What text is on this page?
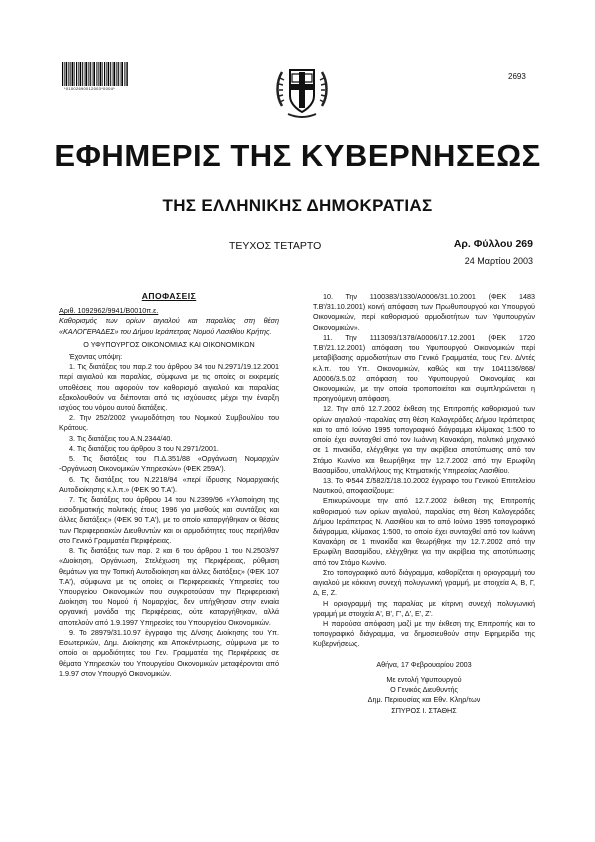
*01002690012003*0004*
2693
ΕΦΗΜΕΡΙΣ ΤΗΣ ΚΥΒΕΡΝΗΣΕΩΣ
ΤΗΣ ΕΛΛΗΝΙΚΗΣ ΔΗΜΟΚΡΑΤΙΑΣ
ΤΕΥΧΟΣ ΤΕΤΑΡΤΟ	Αρ. Φύλλου 269
24 Μαρτίου 2003
ΑΠΟΦΑΣΕΙΣ

Αριθ. 1092962/9941/Β0010π.ε.

Καθορισμός των ορίων αιγιαλού και παραλίας στη θέση «ΚΑΛΟΓΕΡΑΔΕΣ» του Δήμου Ιεράπετρας Νομού Λασιθίου Κρήτης.

Ο ΥΦΥΠΟΥΡΓΟΣ ΟΙΚΟΝΟΜΙΑΣ ΚΑΙ ΟΙΚΟΝΟΜΙΚΩΝ

Έχοντας υπόψη:

1. Τις διατάξεις του παρ.2 του άρθρου 34 του Ν.2971/19.12.2001 περί αιγιαλού και παραλίας, σύμφωνα με τις οποίες οι εκκρεμείς υποθέσεις που αφορούν τον καθορισμό αιγιαλού και παραλίας εξακολουθούν να διέπονται από τις ισχύουσες μέχρι την έναρξη ισχύος του νόμου αυτού διατάξεις.

2. Την 252/2002 γνωμοδότηση του Νομικού Συμβουλίου του Κράτους.

3. Τις διατάξεις του Α.Ν.2344/40.

4. Τις διατάξεις του άρθρου 3 του Ν.2971/2001.

5. Τις διατάξεις του Π.Δ.351/88 «Οργάνωση Νομαρχών -Οργάνωση Οικονομικών Υπηρεσιών» (ΦΕΚ 259Α').

6. Τις διατάξεις του Ν.2218/94 «περί ίδρυσης Νομαρχιακής Αυτοδιοίκησης κ.λ.π.» (ΦΕΚ 90 Τ.Α').

7. Τις διατάξεις του άρθρου 14 του Ν.2399/96 «Υλοποίηση της εισοδηματικής πολιτικής έτους 1996 για μισθούς και συντάξεις και άλλες διατάξεις» (ΦΕΚ 90 Τ.Α'), με το οποίο καταργήθηκαν οι θέσεις των Περιφερειακών Διευθυντών και οι αρμοδιότητες τους περιήλθαν στο Γενικό Γραμματέα Περιφέρειας.

8. Τις διατάξεις των παρ. 2 και 6 του άρθρου 1 του Ν.2503/97 «Διοίκηση, Οργάνωση, Στελέχωση της Περιφέρειας, ρύθμιση θεμάτων για την Τοπική Αυτοδιοίκηση και άλλες διατάξεις» (ΦΕΚ 107 Τ.Α'), σύμφωνα με τις οποίες οι Περιφερειακές Υπηρεσίες του Υπουργείου Οικονομικών που συγκροτούσαν την Περιφερειακή Διοίκηση του Νομού ή Νομαρχίας, δεν υπήχθησαν στην ενιαία οργανική μονάδα της Περιφέρειας, ούτε καταργήθηκαν, αλλά αποτελούν από 1.9.1997 Υπηρεσίες του Υπουργείου Οικονομικών.

9. Το 28979/31.10.97 έγγραφο της Δ/νσης Διοίκησης του Υπ. Εσωτερικών, Δημ. Διοίκησης και Αποκέντρωσης, σύμφωνα με το οποίο οι αρμοδιότητες του Γεν. Γραμματέα της Περιφέρειας σε θέματα Υπηρεσιών του Υπουργείου Οικονομικών μεταφέρονται από 1.9.97 στον Υπουργό Οικονομικών.

10. Την 1100383/1330/Α0006/31.10.2001 (ΦΕΚ 1483 Τ.Β'/31.10.2001) κοινή απόφαση των Πρωθυπουργού και Υπουργού Οικονομικών, περί καθορισμού αρμοδιοτήτων των Υφυπουργών Οικονομικών».

11. Την 1113093/1378/Α0006/17.12.2001 (ΦΕΚ 1720 Τ.Β'/21.12.2001) απόφαση του Υφυπουργού Οικονομικών περί μεταβίβασης αρμοδιοτήτων στο Γενικό Γραμματέα, τους Γεν. Δ/ντές κ.λ.π. του Υπ. Οικονομικών, καθώς και την 1041136/868/Α0006/3.5.02 απόφαση του Υφυπουργού Οικονομίας και Οικονομικών, με την οποία τροποποιείται και συμπληρώνεται η προηγούμενη απόφαση.

12. Την από 12.7.2002 έκθεση της Επιτροπής καθορισμού των ορίων αιγιαλού -παραλίας στη θέση Καλογεράδες Δήμου Ιεράπετρας και το από Ιούνιο 1995 τοπογραφικό διάγραμμα κλίμακας 1:500 το οποίο έχει συνταχθεί από τον Ιωάννη Κανακάρη, πολιτικό μηχανικό σε 1 πινακίδα, ελέγχθηκε για την ακρίβεια αποτύπωσης από τον Στάμο Κωνίνο και θεωρήθηκε την 12.7.2002 από την Ερωφίλη Βασαμίδου, υπαλλήλους της Κτηματικής Υπηρεσίας Λασιθίου.

13. Το Φ544 Σ/582/Σ/18.10.2002 έγγραφο του Γενικού Επιτελείου Ναυτικού, αποφασίζουμε:

Επικυρώνουμε την από 12.7.2002 έκθεση της Επιτροπής καθορισμού των ορίων αιγιαλού, παραλίας στη θέση Καλογεράδες Δήμου Ιεράπετρας Ν. Λασιθίου και το από Ιούνιο 1995 τοπογραφικό διάγραμμα, κλίμακας 1:500, το οποίο έχει συνταχθεί από τον Ιωάννη Κανακάρη σε 1 πινακίδα και θεωρήθηκε την 12.7.2002 από την Ερωφίλη Βασαμίδου, ελέγχθηκε για την ακρίβεια της αποτύπωσης από τον Στάμο Κωνίνο.

Στο τοπογραφικό αυτό διάγραμμα, καθορίζεται η οριογραμμή του αιγιαλού με κόκκινη συνεχή πολυγωνική γραμμή, με στοιχεία Α, Β, Γ, Δ, Ε, Ζ.

Η οριογραμμή της παραλίας με κίτρινη συνεχή πολυγωνική γραμμή με στοιχεία Α', Β', Γ', Δ', Ε', Ζ'.

Η παρούσα απόφαση μαζί με την έκθεση της Επιτροπής και το τοπογραφικό διάγραμμα, να δημοσιευθούν στην Εφημερίδα της Κυβερνήσεως.

Αθήνα, 17 Φεβρουαρίου 2003

Με εντολή Υφυπουργού

Ο Γενικός Διευθυντής

Δημ. Περιουσίας και Εθν. Κληρ/των

ΣΠΥΡΟΣ Ι. ΣΤΑΘΗΣ
